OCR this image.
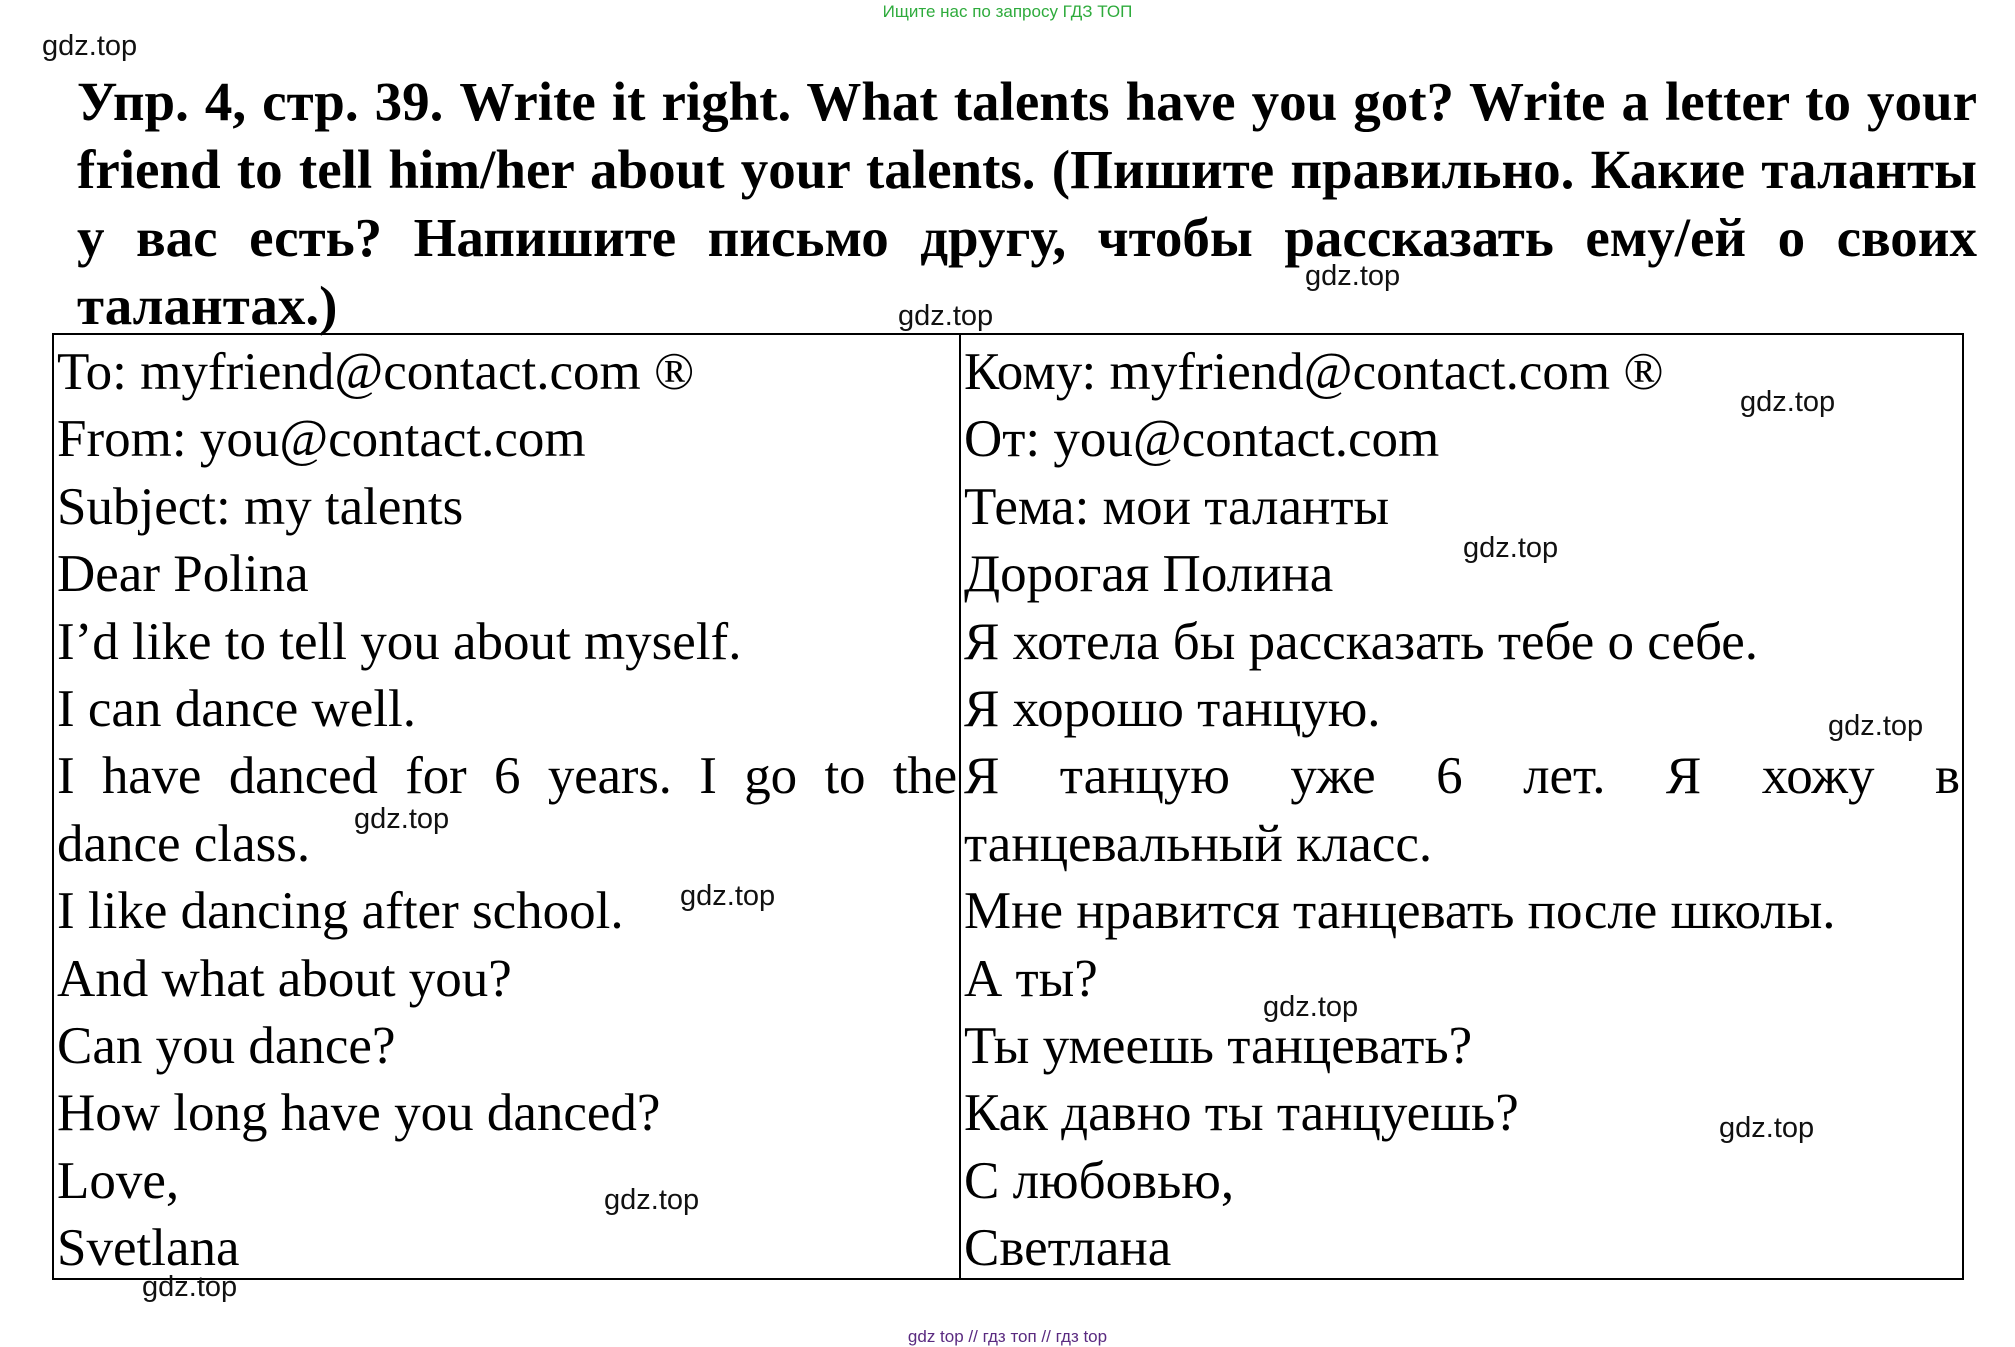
Ищите нас по запросу ГДЗ ТОП
Упр. 4, стр. 39. Write it right. What talents have you got? Write a letter to your friend to tell him/her about your talents. (Пишите правильно. Какие таланты у вас есть? Напишите письмо другу, чтобы рассказать ему/ей о своих талантах.)
To: myfriend@contact.com ®
From: you@contact.com
Subject: my talents
Dear Polina
I’d like to tell you about myself.
I can dance well.
I have danced for 6 years. I go to the
dance class.
I like dancing after school.
And what about you?
Can you dance?
How long have you danced?
Love,
Svetlana
Кому: myfriend@contact.com ®
От: you@contact.com
Тема: мои таланты
Дорогая Полина
Я хотела бы рассказать тебе о себе.
Я хорошо танцую.
Я танцую уже 6 лет. Я хожу в
танцевальный класс.
Мне нравится танцевать после школы.
А ты?
Ты умеешь танцевать?
Как давно ты танцуешь?
С любовью,
Светлана
gdz.top
gdz.top
gdz.top
gdz.top
gdz.top
gdz.top
gdz.top
gdz.top
gdz.top
gdz.top
gdz.top
gdz.top
gdz top // гдз топ // гдз top
